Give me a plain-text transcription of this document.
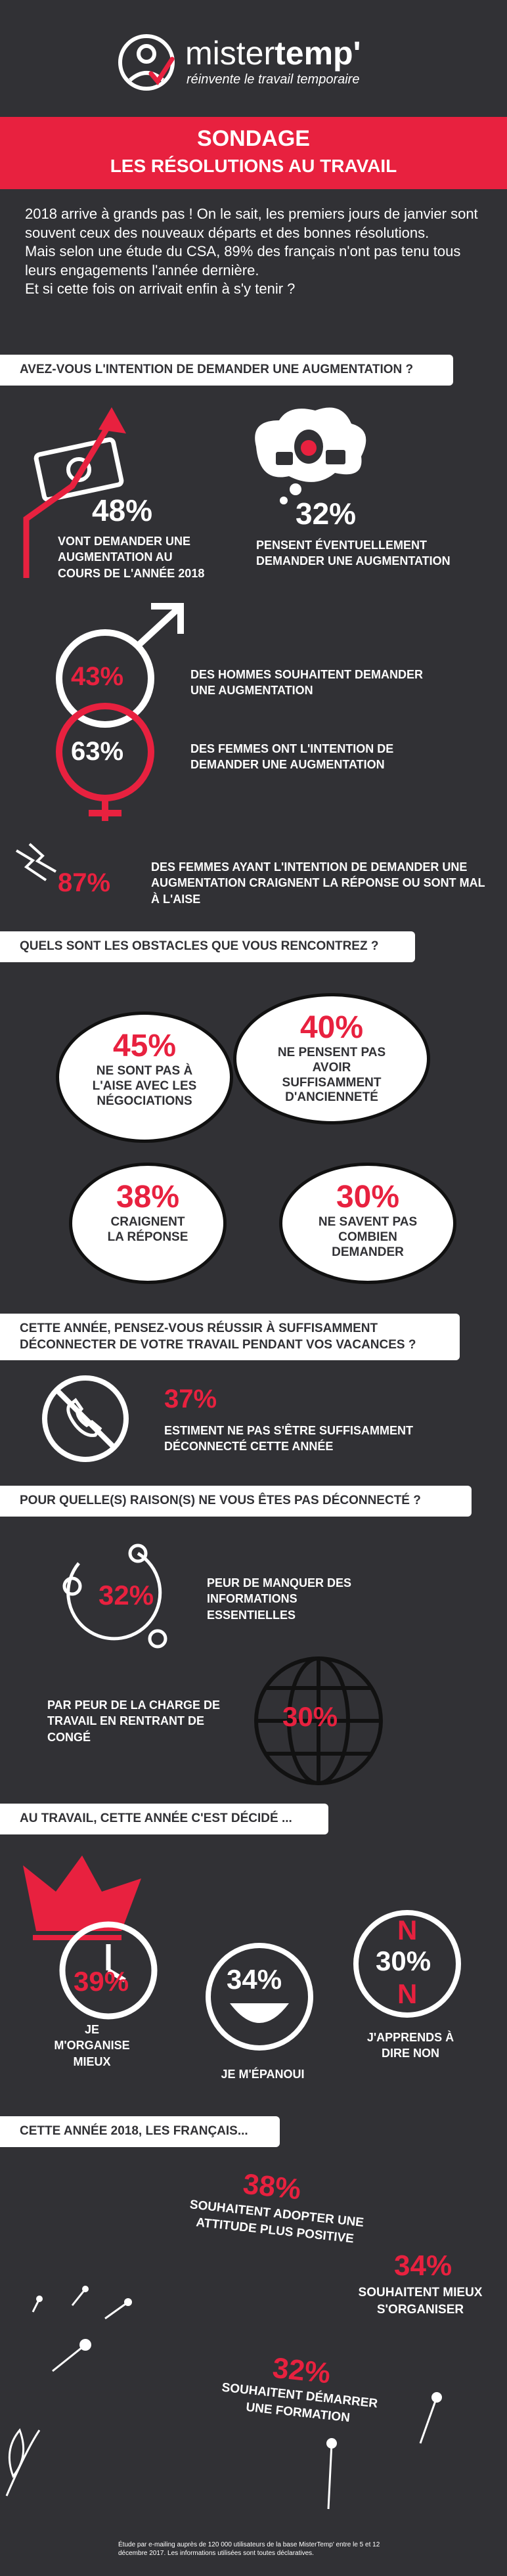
mistertemp'
réinvente le travail temporaire
SONDAGE
LES RÉSOLUTIONS AU TRAVAIL
2018 arrive à grands pas ! On le sait, les premiers jours de janvier sont souvent ceux des nouveaux départs et des bonnes résolutions.
Mais selon une étude du CSA, 89% des français n'ont pas tenu tous leurs engagements l'année dernière.
Et si cette fois on arrivait enfin à s'y tenir ?
AVEZ-VOUS L'INTENTION DE DEMANDER UNE AUGMENTATION ?
48%
VONT DEMANDER UNE AUGMENTATION AU COURS DE L'ANNÉE 2018
32%
PENSENT ÉVENTUELLEMENT DEMANDER UNE AUGMENTATION
43%	DES HOMMES SOUHAITENT DEMANDER UNE AUGMENTATION
63%	DES FEMMES ONT L'INTENTION DE DEMANDER UNE AUGMENTATION
87%
DES FEMMES AYANT L'INTENTION DE DEMANDER UNE AUGMENTATION CRAIGNENT LA RÉPONSE OU SONT MAL À L'AISE
QUELS SONT LES OBSTACLES QUE VOUS RENCONTREZ ?
45%
NE SONT PAS À L'AISE AVEC LES NÉGOCIATIONS
40%
NE PENSENT PAS AVOIR SUFFISAMMENT D'ANCIENNETÉ
38%
CRAIGNENT LA RÉPONSE
30%
NE SAVENT PAS COMBIEN DEMANDER
CETTE ANNÉE, PENSEZ-VOUS RÉUSSIR À SUFFISAMMENT DÉCONNECTER DE VOTRE TRAVAIL PENDANT VOS VACANCES ?
37%
ESTIMENT NE PAS S'ÊTRE SUFFISAMMENT DÉCONNECTÉ CETTE ANNÉE
POUR QUELLE(S) RAISON(S) NE VOUS ÊTES PAS DÉCONNECTÉ ?
32%	PEUR DE MANQUER DES INFORMATIONS ESSENTIELLES
30%
PAR PEUR DE LA CHARGE DE TRAVAIL EN RENTRANT DE CONGÉ
AU TRAVAIL, CETTE ANNÉE C'EST DÉCIDÉ ...
39%
JE M'ORGANISE MIEUX
34%
JE M'ÉPANOUI
N
30%
N
J'APPRENDS À DIRE NON
CETTE ANNÉE 2018, LES FRANÇAIS...
38%
SOUHAITENT ADOPTER UNE ATTITUDE PLUS POSITIVE
34%
SOUHAITENT MIEUX S'ORGANISER
32%
SOUHAITENT DÉMARRER UNE FORMATION
Étude par e-mailing auprès de 120 000 utilisateurs de la base MisterTemp' entre le 5 et 12 décembre 2017. Les informations utilisées sont toutes déclaratives.
